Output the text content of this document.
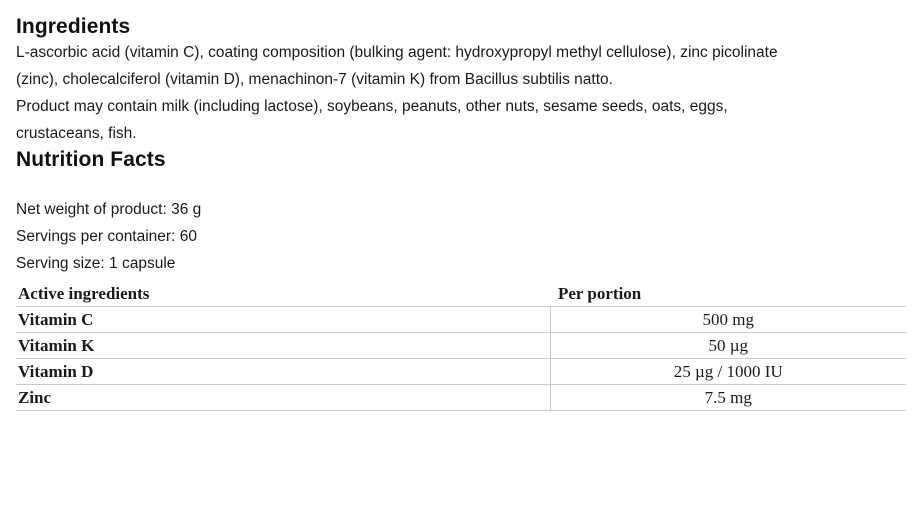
Ingredients

L-ascorbic acid (vitamin C), coating composition (bulking agent: hydroxypropyl methyl cellulose), zinc picolinate (zinc), cholecalciferol (vitamin D), menachinon-7 (vitamin K) from Bacillus subtilis natto.

Product may contain milk (including lactose), soybeans, peanuts, other nuts, sesame seeds, oats, eggs, crustaceans, fish.

Nutrition Facts
Net weight of product: 36 g
Servings per container: 60
Serving size: 1 capsule
Active ingredients	Per portion
Vitamin C	500 mg
Vitamin K	50 µg
Vitamin D	25 µg / 1000 IU
Zinc	7.5 mg
